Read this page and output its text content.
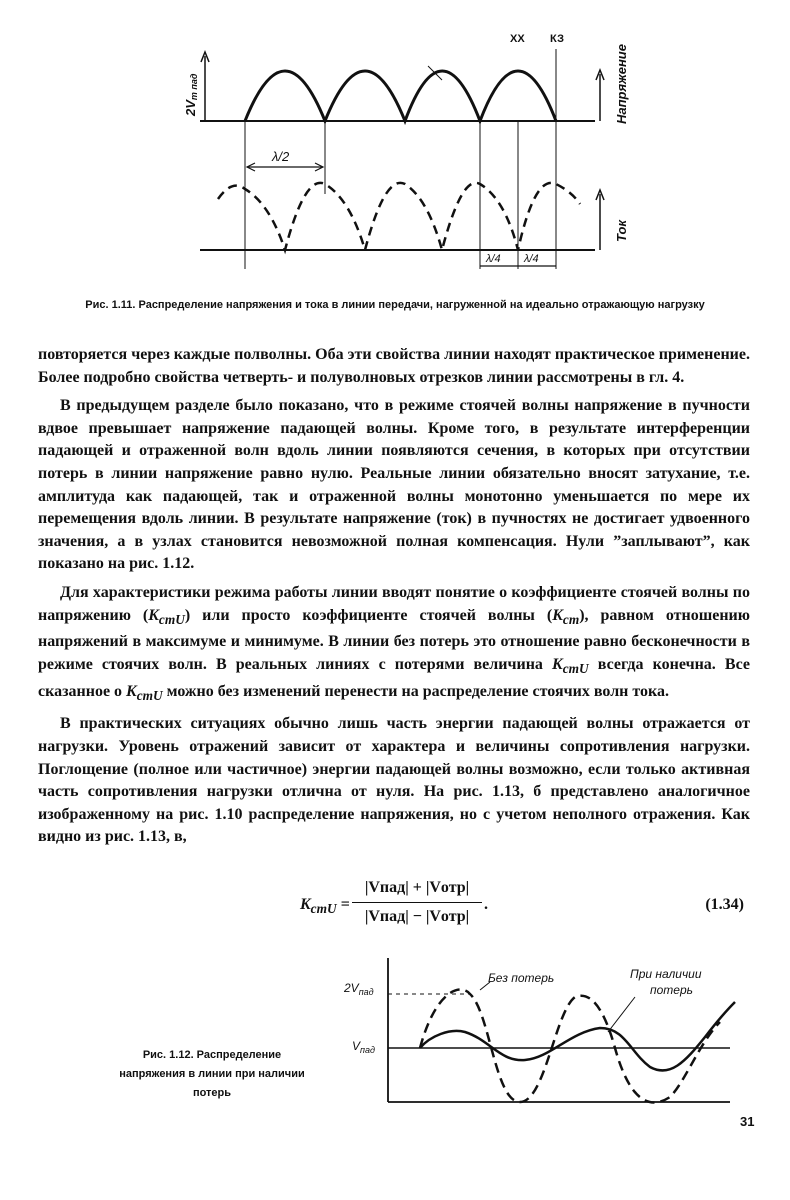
2Vm пад
λ/2
λ/4 λ/4
XX КЗ
Напряжение
Ток
Рис. 1.11. Распределение напряжения и тока в линии передачи, нагруженной на идеально отражающую нагрузку

повторяется через каждые полволны. Оба эти свойства линии находят практическое применение. Более подробно свойства четверть- и полуволновых отрезков линии рассмотрены в гл. 4.

В предыдущем разделе было показано, что в режиме стоячей волны напряжение в пучности вдвое превышает напряжение падающей волны. Кроме того, в результате интерференции падающей и отраженной волн вдоль линии появляются сечения, в которых при отсутствии потерь в линии напряжение равно нулю. Реальные линии обязательно вносят затухание, т.е. амплитуда как падающей, так и отраженной волны монотонно уменьшается по мере их перемещения вдоль линии. В результате напряжение (ток) в пучностях не достигает удвоенного значения, а в узлах становится невозможной полная компенсация. Нули ”заплывают”, как показано на рис. 1.12.

Для характеристики режима работы линии вводят понятие о коэффициенте стоячей волны по напряжению $(K_{стU})$ или просто коэффициенте стоячей волны $(K_{ст})$, равном отношению напряжений в максимуме и минимуме. В линии без потерь это отношение равно бесконечности в режиме стоячих волн. В реальных линиях с потерями величина $K_{стU}$ всегда конечна. Все сказанное о $K_{стU}$ можно без изменений перенести на распределение стоячих волн тока.

В практических ситуациях обычно лишь часть энергии падающей волны отражается от нагрузки. Уровень отражений зависит от характера и величины сопротивления нагрузки. Поглощение (полное или частичное) энергии падающей волны возможно, если только активная часть сопротивления нагрузки отлична от нуля. На рис. 1.13, б представлено аналогичное изображенному на рис. 1.10 распределение напряжения, но с учетом неполного отражения. Как видно из рис. 1.13, в,

$K_{стU}$ =
|Vпад| + |Vотр|
|Vпад| − |Vотр|
.	(1.34)
$2V_{пад}$
$V_{пад}$
Без потерь	При наличии
потерь
Рис. 1.12. Распределение напряжения в линии при наличии потерь
31
